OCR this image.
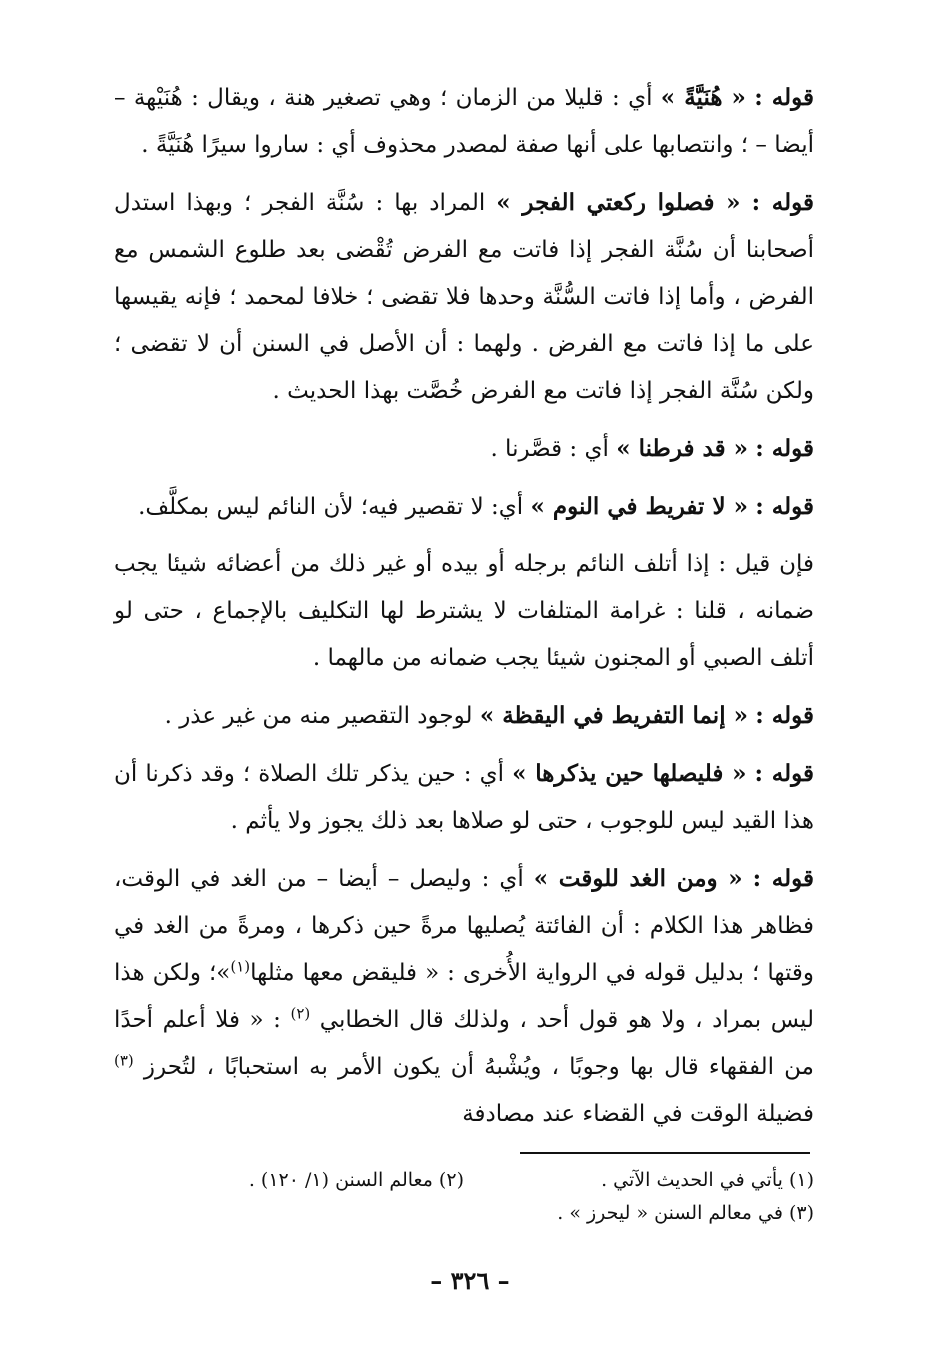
قوله : « هُنَيَّةً » أي : قليلا من الزمان ؛ وهي تصغير هنة ، ويقال : هُنَيْهة – أيضا – ؛ وانتصابها على أنها صفة لمصدر محذوف أي : ساروا سيرًا هُنَيَّةً .

قوله : « فصلوا ركعتي الفجر » المراد بها : سُنَّة الفجر ؛ وبهذا استدل أصحابنا أن سُنَّة الفجر إذا فاتت مع الفرض تُقْضى بعد طلوع الشمس مع الفرض ، وأما إذا فاتت السُّنَّة وحدها فلا تقضى ؛ خلافا لمحمد ؛ فإنه يقيسها على ما إذا فاتت مع الفرض . ولهما : أن الأصل في السنن أن لا تقضى ؛ ولكن سُنَّة الفجر إذا فاتت مع الفرض خُصَّت بهذا الحديث .

قوله : « قد فرطنا » أي : قصَّرنا .

قوله : « لا تفريط في النوم » أي: لا تقصير فيه؛ لأن النائم ليس بمكلَّف.

فإن قيل : إذا أتلف النائم برجله أو بيده أو غير ذلك من أعضائه شيئا يجب ضمانه ، قلنا : غرامة المتلفات لا يشترط لها التكليف بالإجماع ، حتى لو أتلف الصبي أو المجنون شيئا يجب ضمانه من مالهما .

قوله : « إنما التفريط في اليقظة » لوجود التقصير منه من غير عذر .

قوله : « فليصلها حين يذكرها » أي : حين يذكر تلك الصلاة ؛ وقد ذكرنا أن هذا القيد ليس للوجوب ، حتى لو صلاها بعد ذلك يجوز ولا يأثم .

قوله : « ومن الغد للوقت » أي : وليصل – أيضا – من الغد في الوقت، فظاهر هذا الكلام : أن الفائتة يُصليها مرةً حين ذكرها ، ومرةً من الغد في وقتها ؛ بدليل قوله في الرواية الأُخرى : « فليقض معها مثلها$^{(١)}$»؛ ولكن هذا ليس بمراد ، ولا هو قول أحد ، ولذلك قال الخطابي $^{(٢)}$ : « فلا أعلم أحدًا من الفقهاء قال بها وجوبًا ، ويُشْبهُ أن يكون الأمر به استحبابًا ، لتُحرز $^{(٣)}$ فضيلة الوقت في القضاء عند مصادفة

(١) يأتي في الحديث الآتي .
(٢) معالم السنن (١/ ١٢٠) .
(٣) في معالم السنن « ليحرز » .
– ٣٢٦ –
